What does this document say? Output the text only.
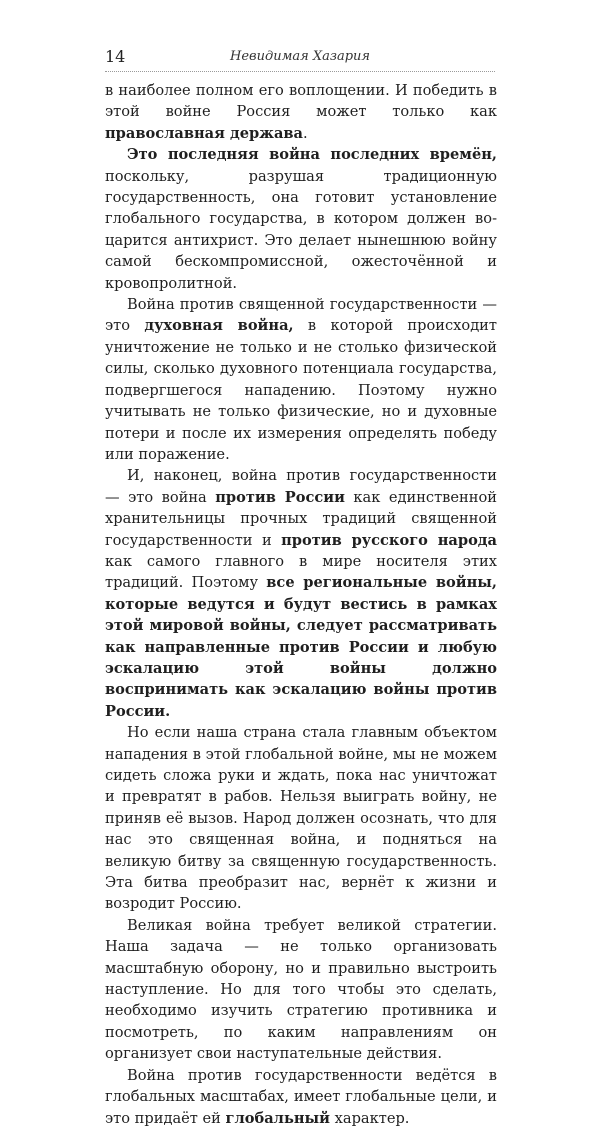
14	Невидимая Хазария

в наиболее полном его воплощении. И победить в этой войне Россия может только как православная держава.

Это последняя война последних времён, поскольку, разрушая традиционную государственность, она готовит установление глобального государства, в котором должен воцарится антихрист. Это делает нынешнюю войну самой бескомпромиссной, ожесточённой и кровопролитной.

Война против священной государственности — это духовная война, в которой происходит уничтожение не только и не столько физической силы, сколько духовного потенциала государства, подвергшегося нападению. Поэтому нужно учитывать не только физические, но и духовные потери и после их измерения определять победу или поражение.

И, наконец, война против государственности — это война против России как единственной хранительницы прочных традиций священной государственности и против русского народа как самого главного в мире носителя этих традиций. Поэтому все региональные войны, которые ведутся и будут вестись в рамках этой мировой войны, следует рассматривать как направленные против России и любую эскалацию этой войны должно воспринимать как эскалацию войны против России.

Но если наша страна стала главным объектом нападения в этой глобальной войне, мы не можем сидеть сложа руки и ждать, пока нас уничтожат и превратят в рабов. Нельзя выиграть войну, не приняв её вызов. Народ должен осознать, что для нас это священная война, и подняться на великую битву за священную государственность. Эта битва преобразит нас, вернёт к жизни и возродит Россию.

Великая война требует великой стратегии. Наша задача — не только организовать масштабную оборону, но и правильно выстроить наступление. Но для того чтобы это сделать, необходимо изучить стратегию противника и посмотреть, по каким направлениям он организует свои наступательные действия.

Война против государственности ведётся в глобальных масштабах, имеет глобальные цели, и это придаёт ей глобальный характер.
